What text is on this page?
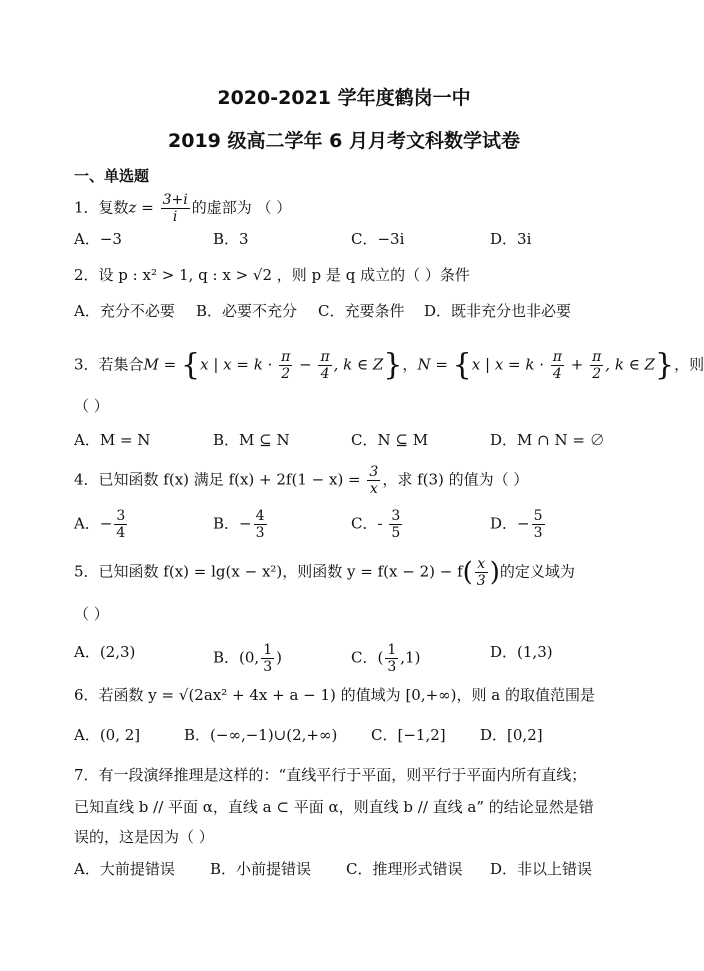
2020-2021 学年度鹤岗一中
2019 级高二学年 6 月月考文科数学试卷
一、单选题
1．复数$z = \frac{3+i}{i}$ 的虚部为 （ ）
A．−3	B．3	C．−3i	D．3i
2．设 p : x² > 1, q : x > √2 ，则 p 是 q 成立的（ ）条件
A．充分不必要 B．必要不充分 C．充要条件 D．既非充分也非必要
3．若集合M = {x | $x = k \cdot \frac{\pi}{2} - \frac{\pi}{4}$ , k ∈ Z}，N = {x | $x = k \cdot \frac{\pi}{4} + \frac{\pi}{2}$ , k ∈ Z}，则
（ ）
A．M = N	B．M ⊆ N	C．N ⊆ M	D．M ∩ N = ∅
4．已知函数 f(x) 满足 $f(x) + 2f(1 - x) = \frac{3}{x}$ ，求 f(3) 的值为（ ）
A．− $\frac{3}{4}$	B．− $\frac{4}{3}$	C．- $\frac{3}{5}$	D．− $\frac{5}{3}$
5．已知函数 f(x) = lg(x − x²)，则函数 $y = f(x - 2) - f( \frac{x}{3}$ )的定义域为
（ ）
A．(2,3)	B．(0, $\frac{1}{3}$ )	C．( $\frac{1}{3} ,1$)	D．(1,3)
6．若函数 y = √(2ax² + 4x + a − 1) 的值域为 [0,+∞)，则 a 的取值范围是
A．(0, 2]	B．(−∞,−1)∪(2,+∞) C．[−1,2] D．[0,2]
7．有一段演绎推理是这样的：“直线平行于平面，则平行于平面内所有直线；
已知直线 b // 平面 α，直线 a ⊂ 平面 α，则直线 b // 直线 a” 的结论显然是错
误的，这是因为（ ）
A．大前提错误 B．小前提错误 C．推理形式错误 D．非以上错误
